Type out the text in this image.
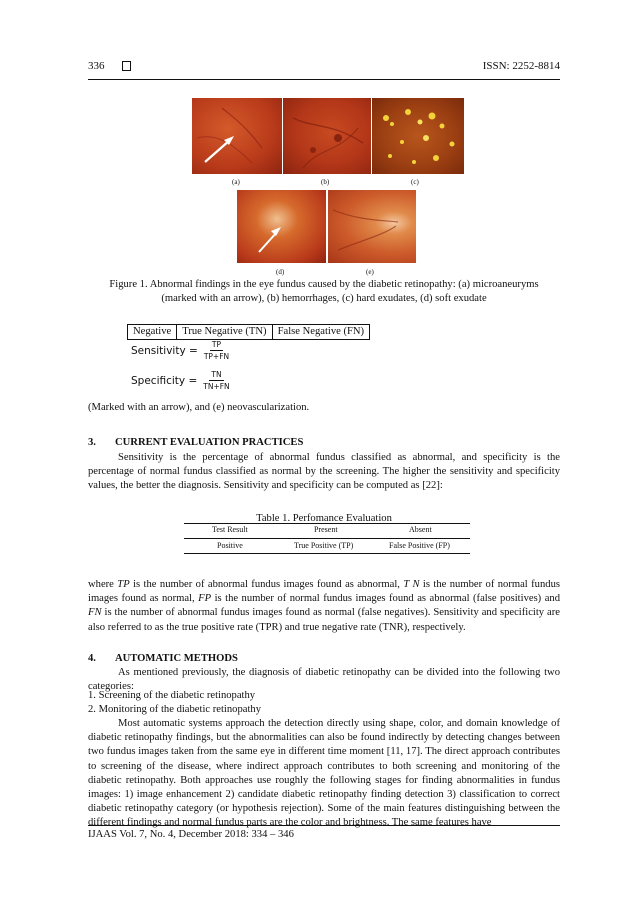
336	ISSN: 2252-8814
(a)	(b)	(c)
(d)	(e)
Figure 1. Abnormal findings in the eye fundus caused by the diabetic retinopathy: (a) microaneuryms
(marked with an arrow), (b) hemorrhages, (c) hard exudates, (d) soft exudate
Negative	True Negative (TN)	False Negative (FN)
Sensitivity = $\frac{TP}{TP+FN}$
Specificity = $\frac{TN}{TN+FN}$
(Marked with an arrow), and (e) neovascularization.
3. CURRENT EVALUATION PRACTICES
Sensitivity is the percentage of abnormal fundus classified as abnormal, and specificity is the percentage of normal fundus classified as normal by the screening. The higher the sensitivity and specificity values, the better the diagnosis. Sensitivity and specificity can be computed as [22]:
Table 1. Perfomance Evaluation
Test Result	Present	Absent
Positive	True Positive (TP)	False Positive (FP)
where TP is the number of abnormal fundus images found as abnormal, T N is the number of normal fundus images found as normal, FP is the number of normal fundus images found as abnormal (false positives) and FN is the number of abnormal fundus images found as normal (false negatives). Sensitivity and specificity are also referred to as the true positive rate (TPR) and true negative rate (TNR), respectively.
4. AUTOMATIC METHODS
As mentioned previously, the diagnosis of diabetic retinopathy can be divided into the following two categories:
1. Screening of the diabetic retinopathy
2. Monitoring of the diabetic retinopathy
Most automatic systems approach the detection directly using shape, color, and domain knowledge of diabetic retinopathy findings, but the abnormalities can also be found indirectly by detecting changes between two fundus images taken from the same eye in different time moment [11, 17]. The direct approach contributes to screening of the disease, where indirect approach contributes to both screening and monitoring of the diabetic retinopathy. Both approaches use roughly the following stages for finding abnormalities in fundus images: 1) image enhancement 2) candidate diabetic retinopathy finding detection 3) classification to correct diabetic retinopathy category (or hypothesis rejection). Some of the main features distinguishing between the different findings and normal fundus parts are the color and brightness. The same features have
IJAAS Vol. 7, No. 4, December 2018: 334 – 346
